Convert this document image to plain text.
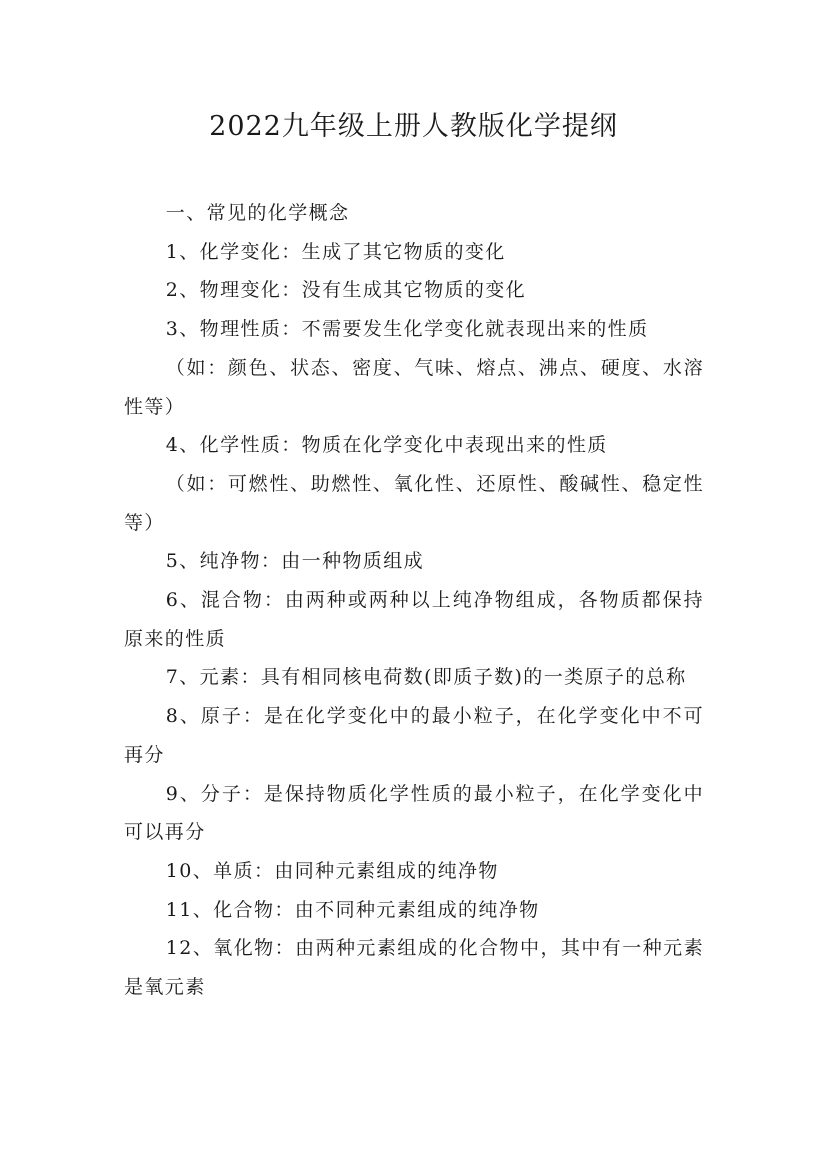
2022九年级上册人教版化学提纲

一、常见的化学概念

1、化学变化：生成了其它物质的变化

2、物理变化：没有生成其它物质的变化

3、物理性质：不需要发生化学变化就表现出来的性质

（如：颜色、状态、密度、气味、熔点、沸点、硬度、水溶性等）

4、化学性质：物质在化学变化中表现出来的性质

（如：可燃性、助燃性、氧化性、还原性、酸碱性、稳定性等）

5、纯净物：由一种物质组成

6、混合物：由两种或两种以上纯净物组成，各物质都保持原来的性质

7、元素：具有相同核电荷数(即质子数)的一类原子的总称

8、原子：是在化学变化中的最小粒子，在化学变化中不可再分

9、分子：是保持物质化学性质的最小粒子，在化学变化中可以再分

10、单质：由同种元素组成的纯净物

11、化合物：由不同种元素组成的纯净物

12、氧化物：由两种元素组成的化合物中，其中有一种元素是氧元素
